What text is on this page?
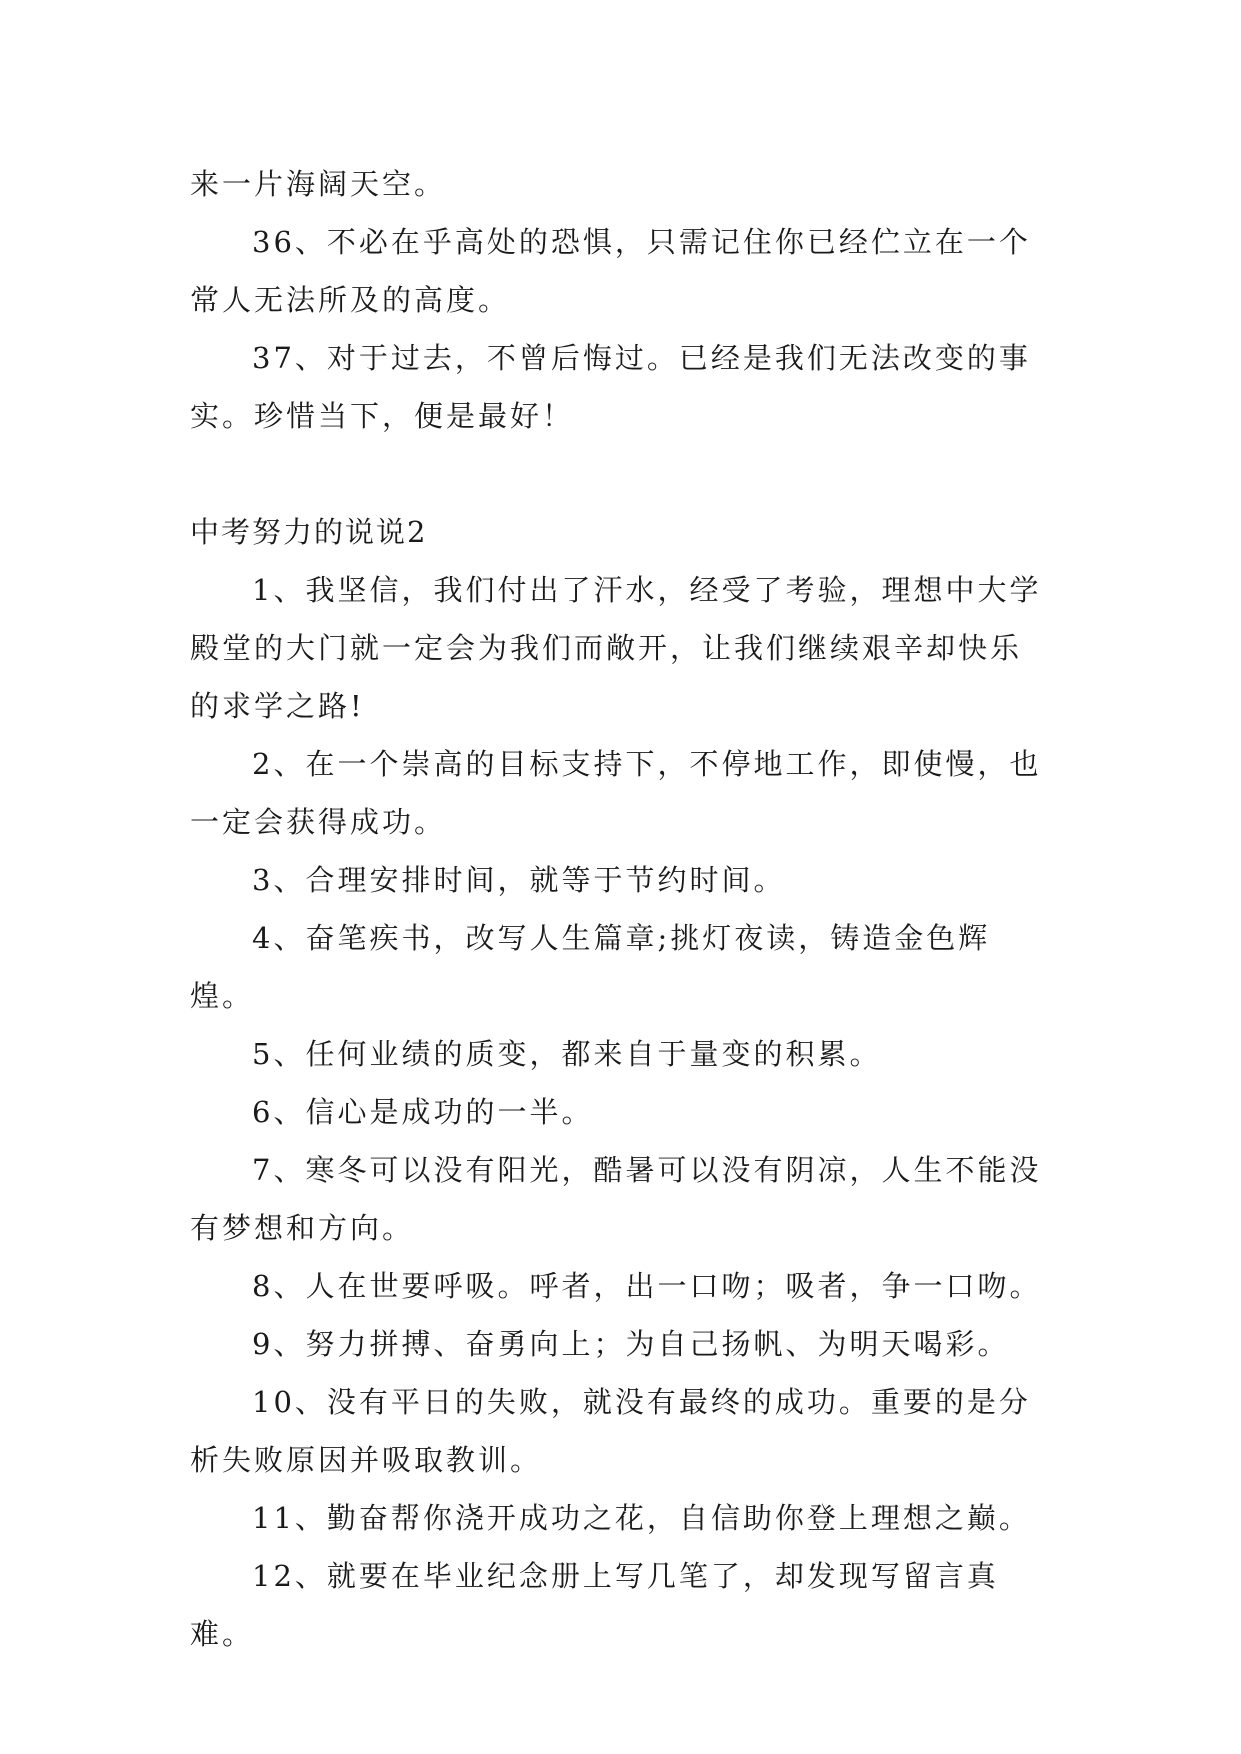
来一片海阔天空。

36、不必在乎高处的恐惧，只需记住你已经伫立在一个常人无法所及的高度。

37、对于过去，不曾后悔过。已经是我们无法改变的事实。珍惜当下，便是最好！

中考努力的说说2

1、我坚信，我们付出了汗水，经受了考验，理想中大学殿堂的大门就一定会为我们而敞开，让我们继续艰辛却快乐的求学之路!

2、在一个崇高的目标支持下，不停地工作，即使慢，也一定会获得成功。

3、合理安排时间，就等于节约时间。

4、奋笔疾书，改写人生篇章;挑灯夜读，铸造金色辉煌。

5、任何业绩的质变，都来自于量变的积累。

6、信心是成功的一半。

7、寒冬可以没有阳光，酷暑可以没有阴凉，人生不能没有梦想和方向。

8、人在世要呼吸。呼者，出一口吻；吸者，争一口吻。

9、努力拼搏、奋勇向上；为自己扬帆、为明天喝彩。

10、没有平日的失败，就没有最终的成功。重要的是分析失败原因并吸取教训。

11、勤奋帮你浇开成功之花，自信助你登上理想之巅。

12、就要在毕业纪念册上写几笔了，却发现写留言真难。
